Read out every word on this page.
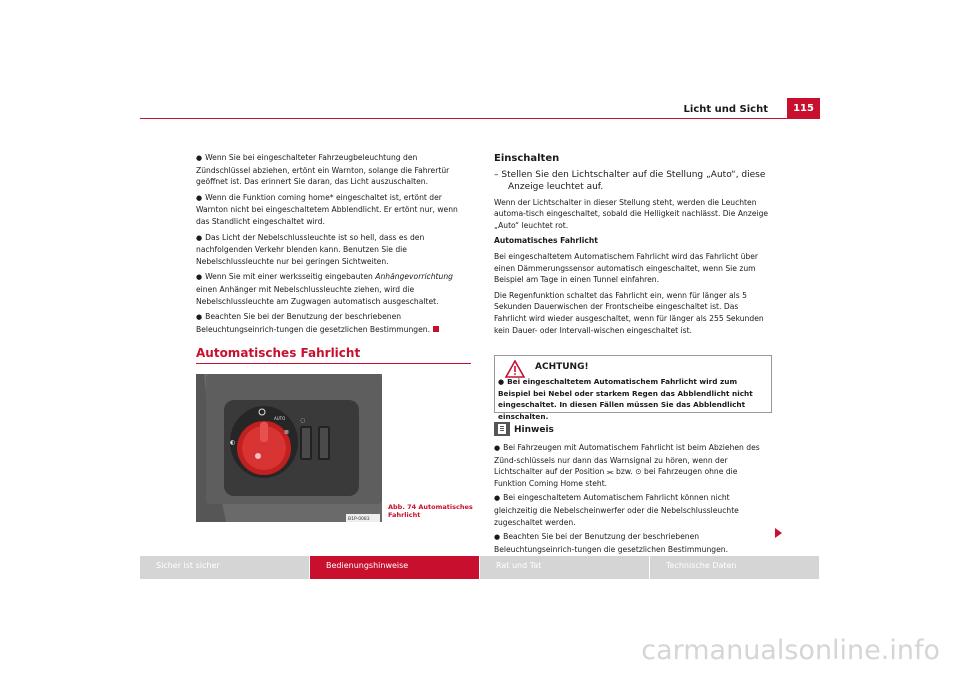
Licht und Sicht	115

● Wenn Sie bei eingeschalteter Fahrzeugbeleuchtung den Zündschlüssel abziehen, ertönt ein Warnton, solange die Fahrertür geöffnet ist. Das erinnert Sie daran, das Licht auszuschalten.

● Wenn die Funktion coming home* eingeschaltet ist, ertönt der Warnton nicht bei eingeschaltetem Abblendlicht. Er ertönt nur, wenn das Standlicht eingeschaltet wird.

● Das Licht der Nebelschlussleuchte ist so hell, dass es den nachfolgenden Verkehr blenden kann. Benutzen Sie die Nebelschlussleuchte nur bei geringen Sichtweiten.

● Wenn Sie mit einer werksseitig eingebauten Anhängevorrichtung einen Anhänger mit Nebelschlussleuchte ziehen, wird die Nebelschlussleuchte am Zugwagen automatisch ausgeschaltet.

● Beachten Sie bei der Benutzung der beschriebenen Beleuchtungseinrich-tungen die gesetzlichen Bestimmungen.

Automatisches Fahrlicht
AUTO
◐
≣
◌
B1P-0083
Abb. 74 Automatisches Fahrlicht

Einschalten

– Stellen Sie den Lichtschalter auf die Stellung „Auto“, diese Anzeige leuchtet auf.

Wenn der Lichtschalter in dieser Stellung steht, werden die Leuchten automa-tisch eingeschaltet, sobald die Helligkeit nachlässt. Die Anzeige „Auto“ leuchtet rot.

Automatisches Fahrlicht

Bei eingeschaltetem Automatischem Fahrlicht wird das Fahrlicht über einen Dämmerungssensor automatisch eingeschaltet, wenn Sie zum Beispiel am Tage in einen Tunnel einfahren.

Die Regenfunktion schaltet das Fahrlicht ein, wenn für länger als 5 Sekunden Dauerwischen der Frontscheibe eingeschaltet ist. Das Fahrlicht wird wieder ausgeschaltet, wenn für länger als 255 Sekunden kein Dauer- oder Intervall-wischen eingeschaltet ist.

ACHTUNG!
● Bei eingeschaltetem Automatischem Fahrlicht wird zum Beispiel bei Nebel oder starkem Regen das Abblendlicht nicht eingeschaltet. In diesen Fällen müssen Sie das Abblendlicht einschalten.
Hinweis

● Bei Fahrzeugen mit Automatischem Fahrlicht ist beim Abziehen des Zünd-schlüssels nur dann das Warnsignal zu hören, wenn der Lichtschalter auf der Position ⫘ bzw. ⊙ bei Fahrzeugen ohne die Funktion Coming Home steht.

● Bei eingeschaltetem Automatischem Fahrlicht können nicht gleichzeitig die Nebelscheinwerfer oder die Nebelschlussleuchte zugeschaltet werden.

● Beachten Sie bei der Benutzung der beschriebenen Beleuchtungseinrich-tungen die gesetzlichen Bestimmungen.

Sicher ist sicher	Bedienungshinweise	Rat und Tat	Technische Daten
carmanualsonline.info
